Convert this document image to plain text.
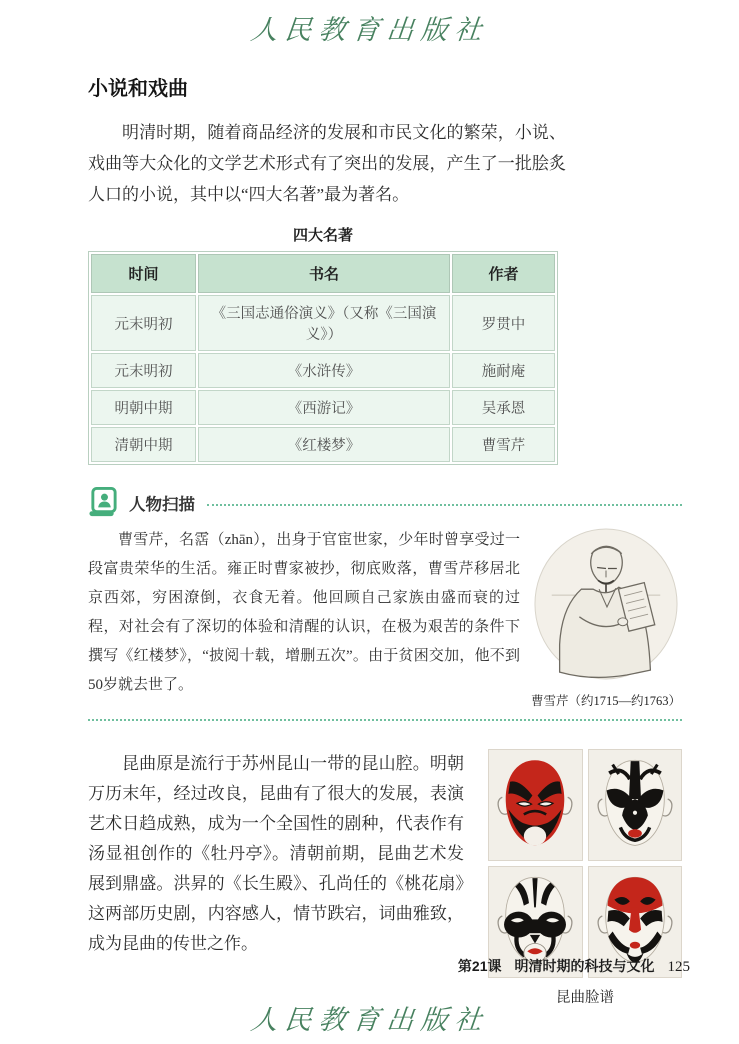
人民教育出版社
小说和戏曲

明清时期，随着商品经济的发展和市民文化的繁荣，小说、戏曲等大众化的文学艺术形式有了突出的发展，产生了一批脍炙人口的小说，其中以“四大名著”最为著名。

四大名著
时间	书名	作者
元末明初	《三国志通俗演义》（又称《三国演义》）	罗贯中
元末明初	《水浒传》	施耐庵
明朝中期	《西游记》	吴承恩
清朝中期	《红楼梦》	曹雪芹
人物扫描

曹雪芹，名霑（zhān），出身于官宦世家，少年时曾享受过一段富贵荣华的生活。雍正时曹家被抄，彻底败落，曹雪芹移居北京西郊，穷困潦倒，衣食无着。他回顾自己家族由盛而衰的过程，对社会有了深切的体验和清醒的认识，在极为艰苦的条件下撰写《红楼梦》，“披阅十载，增删五次”。由于贫困交加，他不到50岁就去世了。

曹雪芹（约1715—约1763）

昆曲原是流行于苏州昆山一带的昆山腔。明朝万历末年，经过改良，昆曲有了很大的发展，表演艺术日趋成熟，成为一个全国性的剧种，代表作有汤显祖创作的《牡丹亭》。清朝前期，昆曲艺术发展到鼎盛。洪昇的《长生殿》、孔尚任的《桃花扇》这两部历史剧，内容感人，情节跌宕，词曲雅致，成为昆曲的传世之作。

昆曲脸谱
第21课 明清时期的科技与文化 125
人民教育出版社
